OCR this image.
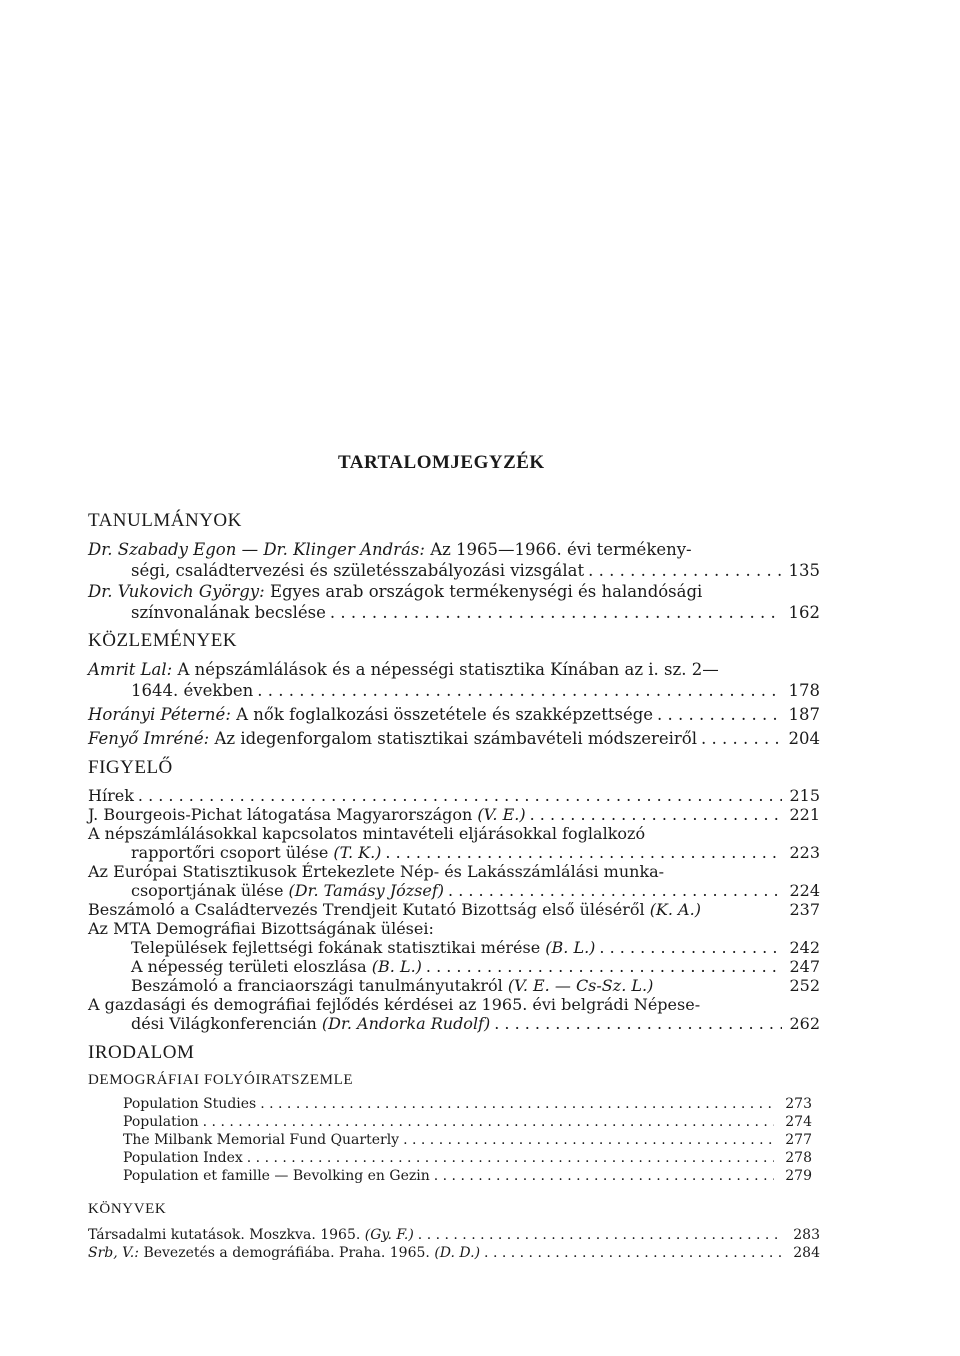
TARTALOMJEGYZÉK
TANULMÁNYOK
Dr. Szabady Egon — Dr. Klinger András: Az 1965—1966. évi termékeny-
ségi, családtervezési és születésszabályozási vizsgálat . . .	135
Dr. Vukovich György: Egyes arab országok termékenységi és halandósági
színvonalának becslése . . .	162
KÖZLEMÉNYEK
Amrit Lal: A népszámlálások és a népességi statisztika Kínában az i. sz. 2—
1644. években . . .	178
Horányi Péterné: A nők foglalkozási összetétele és szakképzettsége . . .	187
Fenyő Imréné: Az idegenforgalom statisztikai számbavételi módszereiről . . .	204
FIGYELŐ
Hírek . . .	215
J. Bourgeois-Pichat látogatása Magyarországon (V. E.) . . .	221
A népszámlálásokkal kapcsolatos mintavételi eljárásokkal foglalkozó
rapportőri csoport ülése (T. K.) . . .	223
Az Európai Statisztikusok Értekezlete Nép- és Lakásszámlálási munka-
csoportjának ülése (Dr. Tamásy József) . . .	224
Beszámoló a Családtervezés Trendjeit Kutató Bizottság első üléséről (K. A.)	237
Az MTA Demográfiai Bizottságának ülései:
Települések fejlettségi fokának statisztikai mérése (B. L.) . . .	242
A népesség területi eloszlása (B. L.) . . .	247
Beszámoló a franciaországi tanulmányutakról (V. E. — Cs-Sz. L.)	252
A gazdasági és demográfiai fejlődés kérdései az 1965. évi belgrádi Népese-
dési Világkonferencián (Dr. Andorka Rudolf) . . .	262
IRODALOM
DEMOGRÁFIAI FOLYÓIRATSZEMLE
Population Studies . . .	273
Population . . .	274
The Milbank Memorial Fund Quarterly . . .	277
Population Index . . .	278
Population et famille — Bevolking en Gezin . . .	279
KÖNYVEK
Társadalmi kutatások. Moszkva. 1965. (Gy. F.) . . .	283
Srb, V.: Bevezetés a demográfiába. Praha. 1965. (D. D.) . . .	284
